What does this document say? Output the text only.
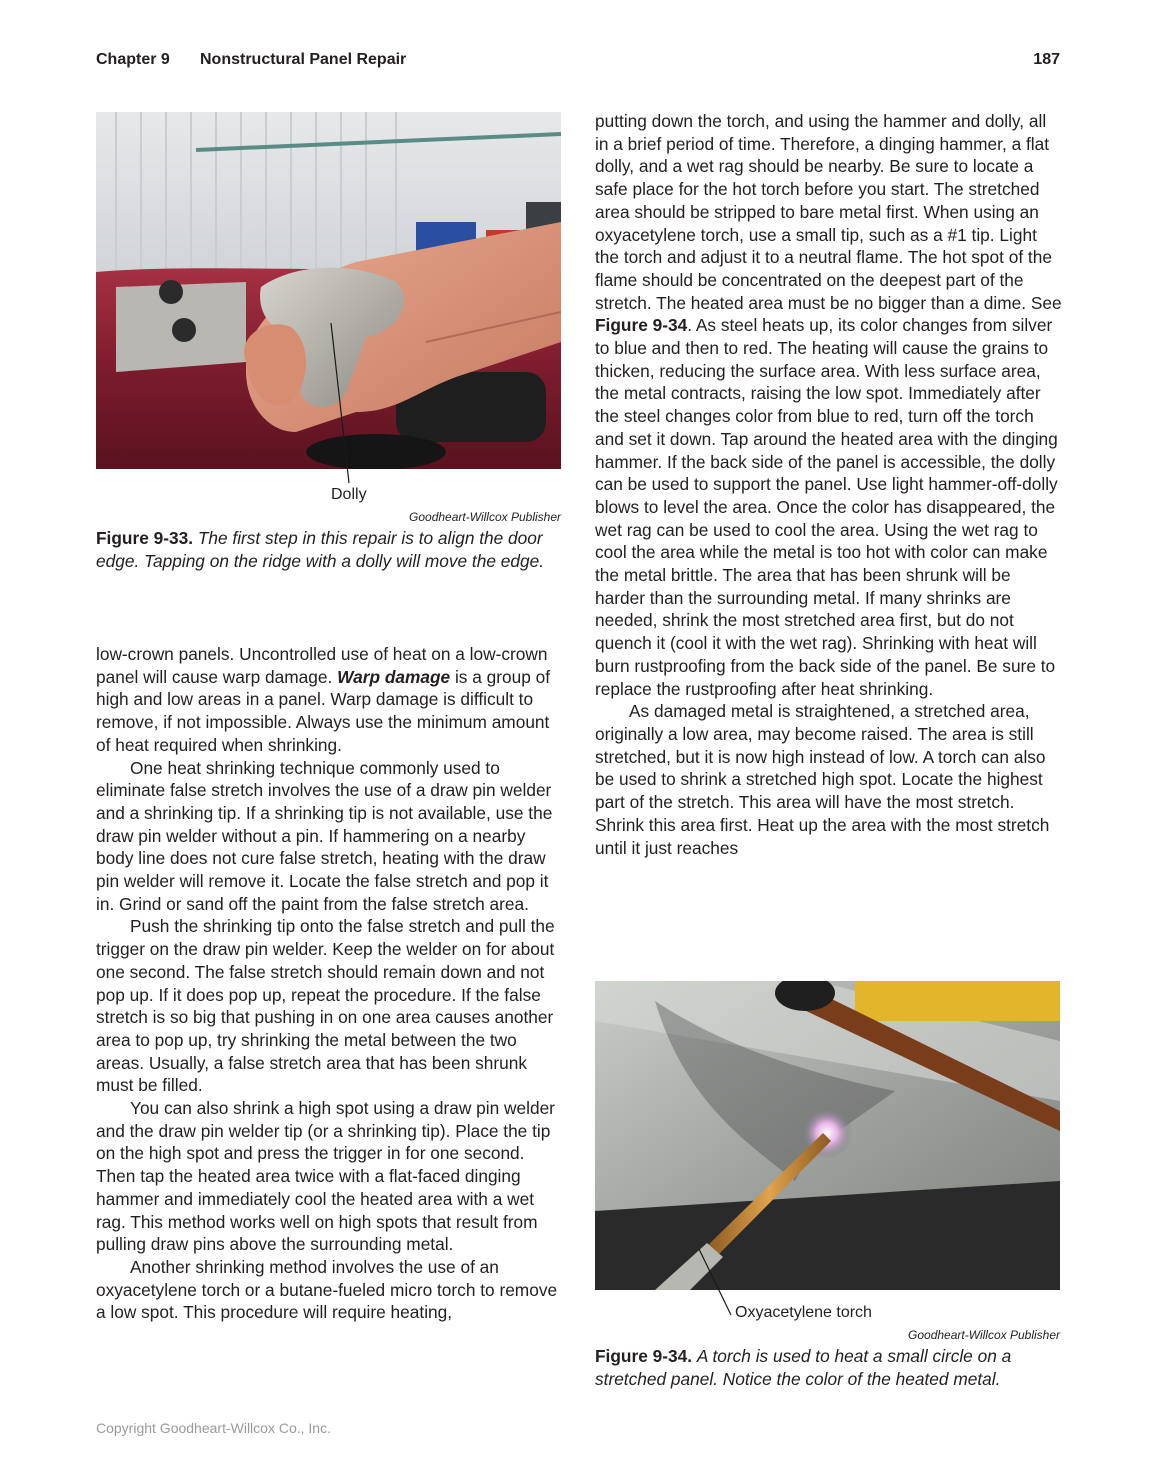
Chapter 9 Nonstructural Panel Repair	187
Dolly
Goodheart-Willcox Publisher
Figure 9-33. The first step in this repair is to align the door edge. Tapping on the ridge with a dolly will move the edge.

low-crown panels. Uncontrolled use of heat on a low-crown panel will cause warp damage. Warp damage is a group of high and low areas in a panel. Warp damage is difficult to remove, if not impossible. Always use the minimum amount of heat required when shrinking.

One heat shrinking technique commonly used to eliminate false stretch involves the use of a draw pin welder and a shrinking tip. If a shrinking tip is not available, use the draw pin welder without a pin. If hammering on a nearby body line does not cure false stretch, heating with the draw pin welder will remove it. Locate the false stretch and pop it in. Grind or sand off the paint from the false stretch area.

Push the shrinking tip onto the false stretch and pull the trigger on the draw pin welder. Keep the welder on for about one second. The false stretch should remain down and not pop up. If it does pop up, repeat the procedure. If the false stretch is so big that pushing in on one area causes another area to pop up, try shrinking the metal between the two areas. Usually, a false stretch area that has been shrunk must be filled.

You can also shrink a high spot using a draw pin welder and the draw pin welder tip (or a shrinking tip). Place the tip on the high spot and press the trigger in for one second. Then tap the heated area twice with a flat-faced dinging hammer and immediately cool the heated area with a wet rag. This method works well on high spots that result from pulling draw pins above the surrounding metal.

Another shrinking method involves the use of an oxyacetylene torch or a butane-fueled micro torch to remove a low spot. This procedure will require heating,

putting down the torch, and using the hammer and dolly, all in a brief period of time. Therefore, a dinging hammer, a flat dolly, and a wet rag should be nearby. Be sure to locate a safe place for the hot torch before you start. The stretched area should be stripped to bare metal first. When using an oxyacetylene torch, use a small tip, such as a #1 tip. Light the torch and adjust it to a neutral flame. The hot spot of the flame should be concentrated on the deepest part of the stretch. The heated area must be no bigger than a dime. See Figure 9-34. As steel heats up, its color changes from silver to blue and then to red. The heating will cause the grains to thicken, reducing the surface area. With less surface area, the metal contracts, raising the low spot. Immediately after the steel changes color from blue to red, turn off the torch and set it down. Tap around the heated area with the dinging hammer. If the back side of the panel is accessible, the dolly can be used to support the panel. Use light hammer-off-dolly blows to level the area. Once the color has disappeared, the wet rag can be used to cool the area. Using the wet rag to cool the area while the metal is too hot with color can make the metal brittle. The area that has been shrunk will be harder than the surrounding metal. If many shrinks are needed, shrink the most stretched area first, but do not quench it (cool it with the wet rag). Shrinking with heat will burn rustproofing from the back side of the panel. Be sure to replace the rustproofing after heat shrinking.

As damaged metal is straightened, a stretched area, originally a low area, may become raised. The area is still stretched, but it is now high instead of low. A torch can also be used to shrink a stretched high spot. Locate the highest part of the stretch. This area will have the most stretch. Shrink this area first. Heat up the area with the most stretch until it just reaches

Oxyacetylene torch
Goodheart-Willcox Publisher
Figure 9-34. A torch is used to heat a small circle on a stretched panel. Notice the color of the heated metal.
Copyright Goodheart-Willcox Co., Inc.
